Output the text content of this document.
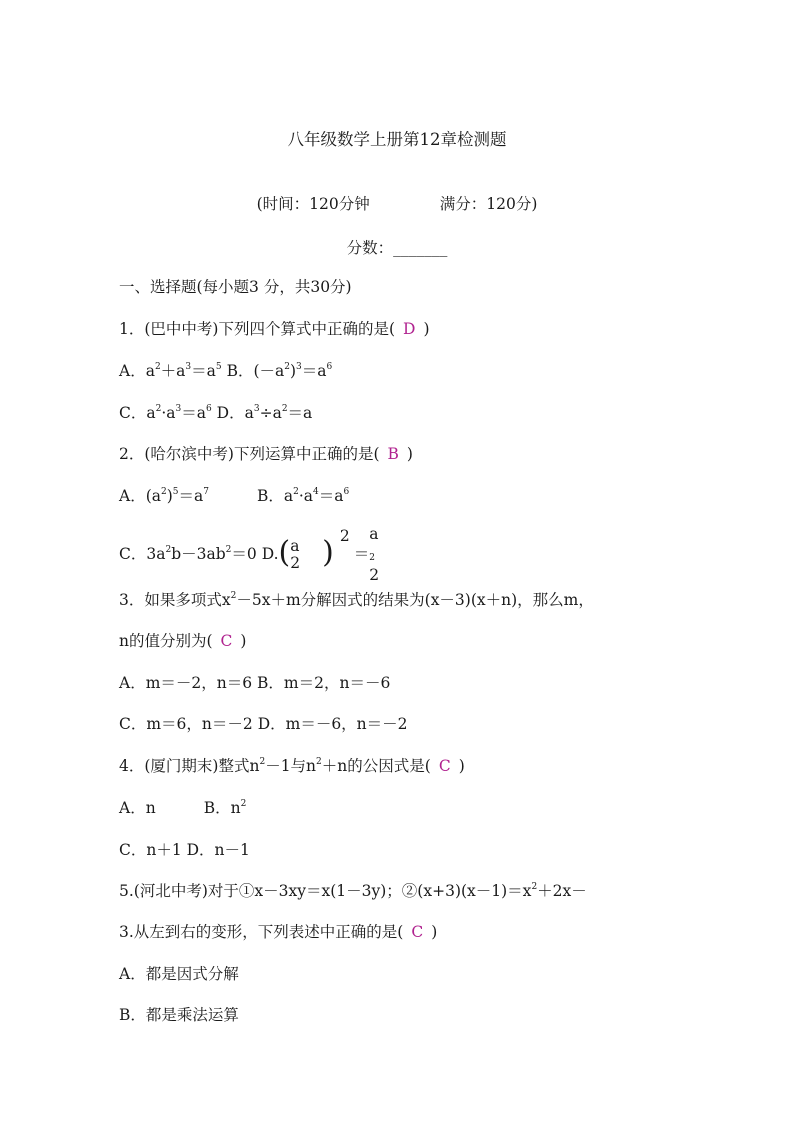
八年级数学上册第12章检测题
(时间：120分钟	满分：120分)
分数：_______
一、选择题(每小题3 分，共30分)
1．(巴中中考)下列四个算式中正确的是( D )
A．$a^2+a^3=a^5$ B．$(-a^2)^3=a^6$
C．$a^2\cdot a^3=a^6$ D．$a^3\div a^2=a$
2．(哈尔滨中考)下列运算中正确的是( B )
A．$(a^2)^5=a^7$	B．$a^2\cdot a^4=a^6$
C．$3a^2b-3ab^2=0$ D.( a
2 ) 2＝
a
$_2$
2
3．如果多项式$x^2-5x+m$分解因式的结果为(x－3)(x＋n)，那么m，
n的值分别为( C )
A．m＝－2，n＝6 B．m＝2，n＝－6
C．m＝6，n＝－2 D．m＝－6，n＝－2
4．(厦门期末)整式$n^2-1$与$n^2+n$的公因式是( C )
A．n	B．$n^2$
C．n＋1 D．n－1
5.(河北中考)对于①x－3xy＝x(1－3y)；$②(x+3)(x-1)=x^2+2x-$
3.从左到右的变形，下列表述中正确的是( C )
A．都是因式分解
B．都是乘法运算
